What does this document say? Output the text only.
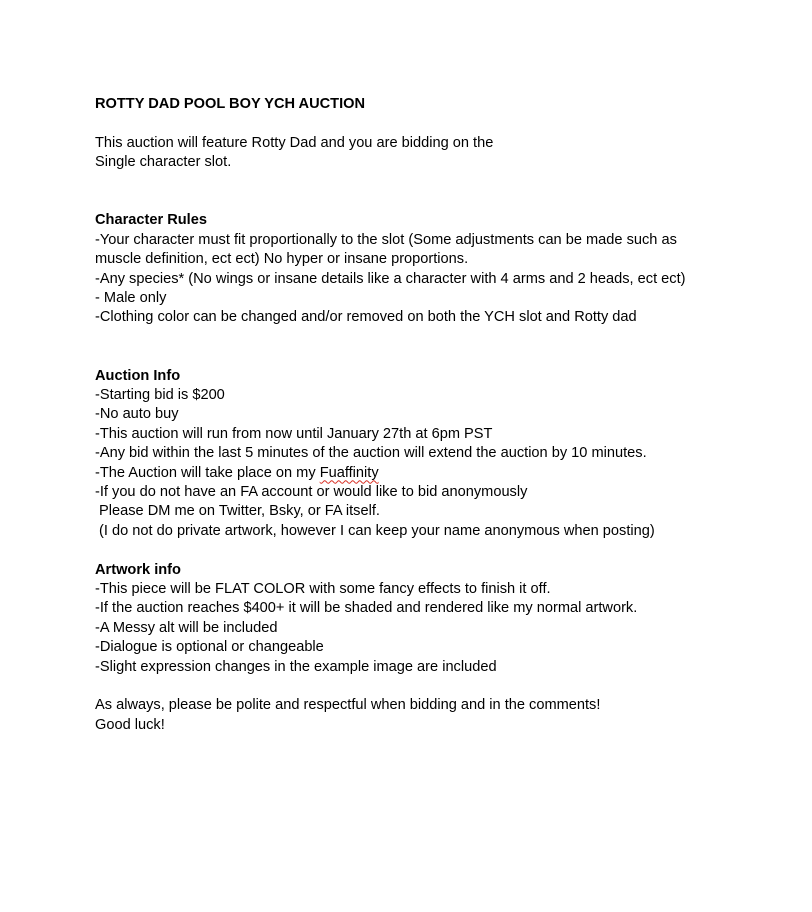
ROTTY DAD POOL BOY YCH AUCTION
This auction will feature Rotty Dad and you are bidding on the
Single character slot.
Character Rules
-Your character must fit proportionally to the slot (Some adjustments can be made such as
muscle definition, ect ect) No hyper or insane proportions.
-Any species* (No wings or insane details like a character with 4 arms and 2 heads, ect ect)
- Male only
-Clothing color can be changed and/or removed on both the YCH slot and Rotty dad
Auction Info
-Starting bid is $200
-No auto buy
-This auction will run from now until January 27th at 6pm PST
-Any bid within the last 5 minutes of the auction will extend the auction by 10 minutes.
-The Auction will take place on my Fuaffinity
-If you do not have an FA account or would like to bid anonymously
Please DM me on Twitter, Bsky, or FA itself.
(I do not do private artwork, however I can keep your name anonymous when posting)
Artwork info
-This piece will be FLAT COLOR with some fancy effects to finish it off.
-If the auction reaches $400+ it will be shaded and rendered like my normal artwork.
-A Messy alt will be included
-Dialogue is optional or changeable
-Slight expression changes in the example image are included
As always, please be polite and respectful when bidding and in the comments!
Good luck!
